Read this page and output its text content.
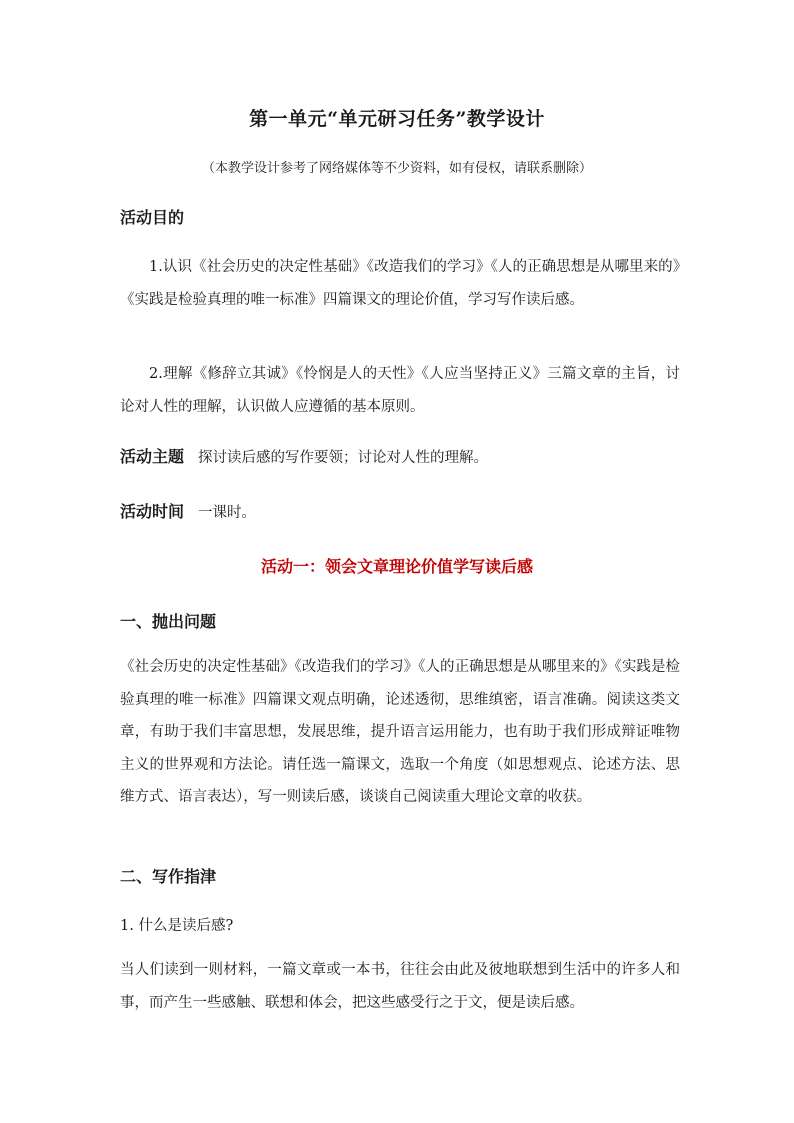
第一单元“单元研习任务”教学设计
（本教学设计参考了网络媒体等不少资料，如有侵权，请联系删除）
活动目的

1.认识《社会历史的决定性基础》《改造我们的学习》《人的正确思想是从哪里来的》《实践是检验真理的唯一标准》四篇课文的理论价值，学习写作读后感。

2.理解《修辞立其诚》《怜悯是人的天性》《人应当坚持正义》三篇文章的主旨，讨论对人性的理解，认识做人应遵循的基本原则。

活动主题 探讨读后感的写作要领；讨论对人性的理解。
活动时间 一课时。
活动一：领会文章理论价值学写读后感
一、抛出问题

《社会历史的决定性基础》《改造我们的学习》《人的正确思想是从哪里来的》《实践是检验真理的唯一标准》四篇课文观点明确，论述透彻，思维缜密，语言准确。阅读这类文章，有助于我们丰富思想，发展思维，提升语言运用能力，也有助于我们形成辩证唯物主义的世界观和方法论。请任选一篇课文，选取一个角度（如思想观点、论述方法、思维方式、语言表达），写一则读后感，谈谈自己阅读重大理论文章的收获。

二、写作指津
1. 什么是读后感?

当人们读到一则材料，一篇文章或一本书，往往会由此及彼地联想到生活中的许多人和事，而产生一些感触、联想和体会，把这些感受行之于文，便是读后感。
